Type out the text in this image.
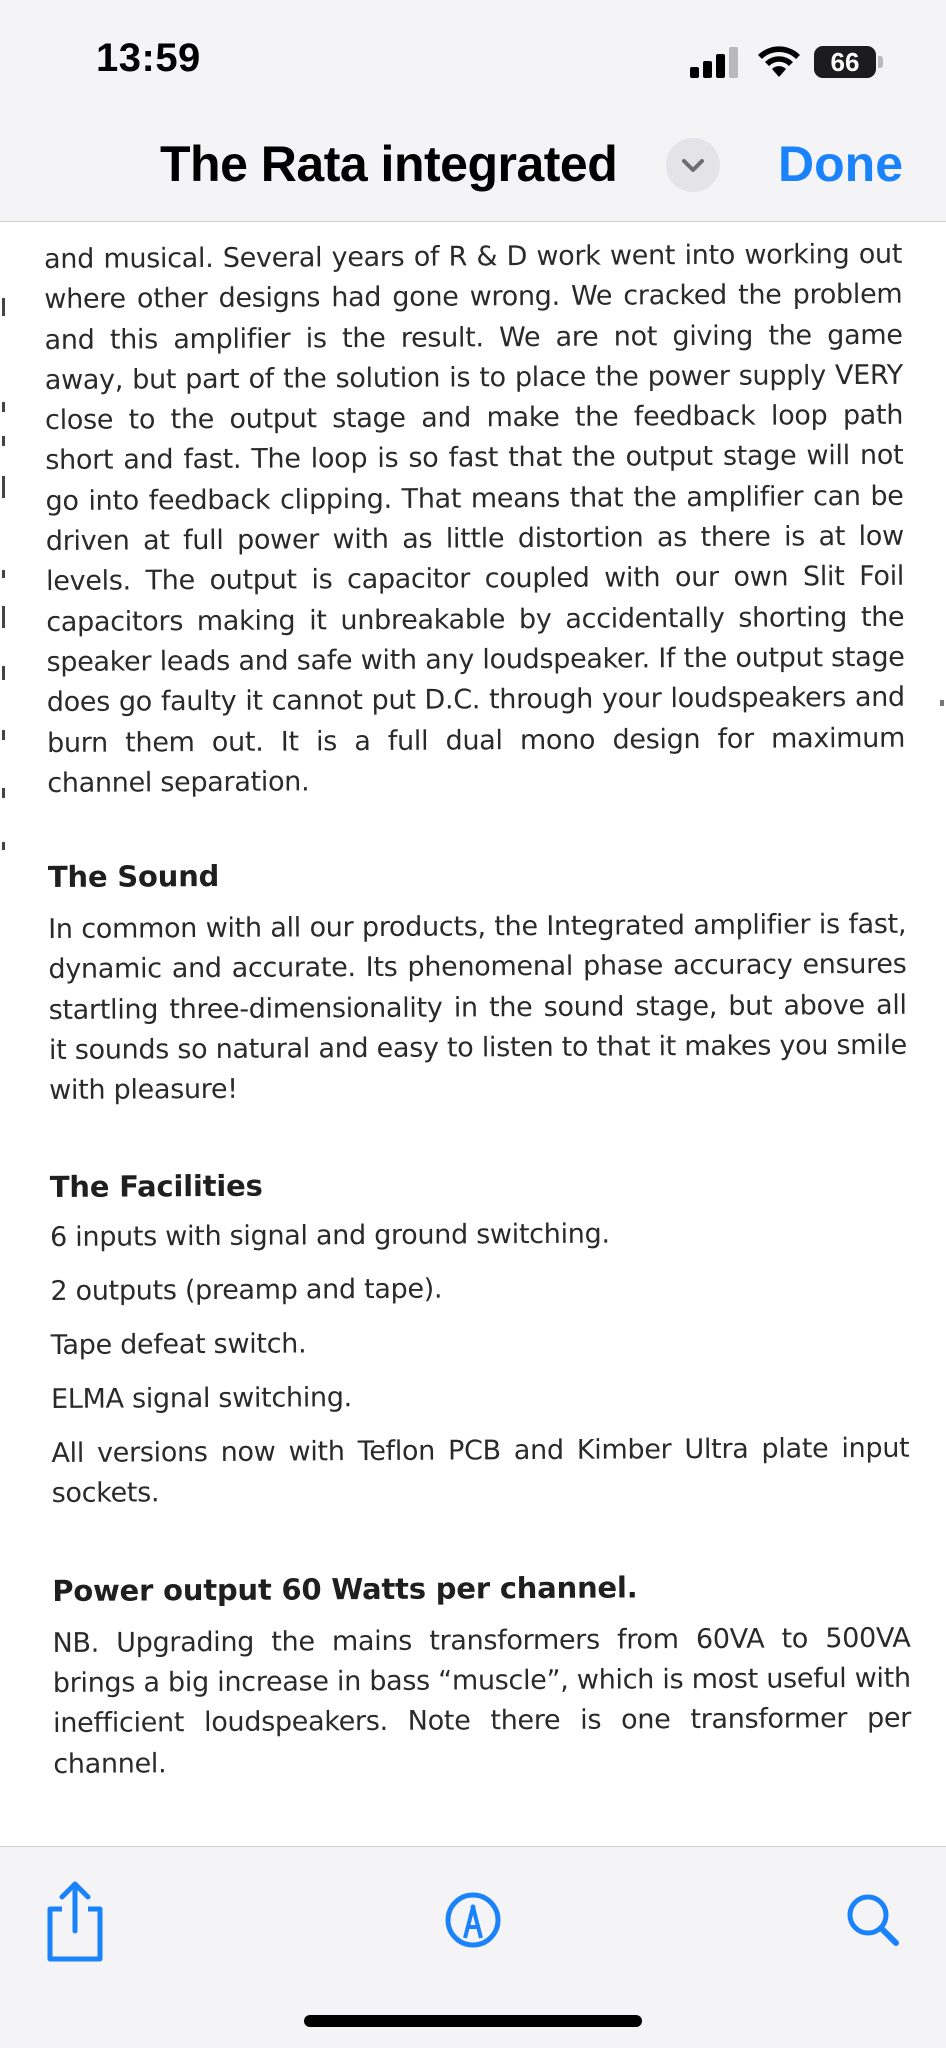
13:59	66
The Rata integrated	Done

and musical. Several years of R & D work went into working out where other designs had gone wrong. We cracked the problem and this amplifier is the result. We are not giving the game away, but part of the solution is to place the power supply VERY close to the output stage and make the feedback loop path short and fast. The loop is so fast that the output stage will not go into feedback clipping. That means that the amplifier can be driven at full power with as little distortion as there is at low levels. The output is capacitor coupled with our own Slit Foil capacitors making it unbreakable by accidentally shorting the speaker leads and safe with any loudspeaker. If the output stage does go faulty it cannot put D.C. through your loudspeakers and burn them out. It is a full dual mono design for maximum channel separation.

The Sound

In common with all our products, the Integrated amplifier is fast, dynamic and accurate. Its phenomenal phase accuracy ensures startling three-dimensionality in the sound stage, but above all it sounds so natural and easy to listen to that it makes you smile with pleasure!

The Facilities

6 inputs with signal and ground switching.

2 outputs (preamp and tape).

Tape defeat switch.

ELMA signal switching.

All versions now with Teflon PCB and Kimber Ultra plate input sockets.

Power output 60 Watts per channel.

NB. Upgrading the mains transformers from 60VA to 500VA brings a big increase in bass “muscle”, which is most useful with inefficient loudspeakers. Note there is one transformer per channel.
